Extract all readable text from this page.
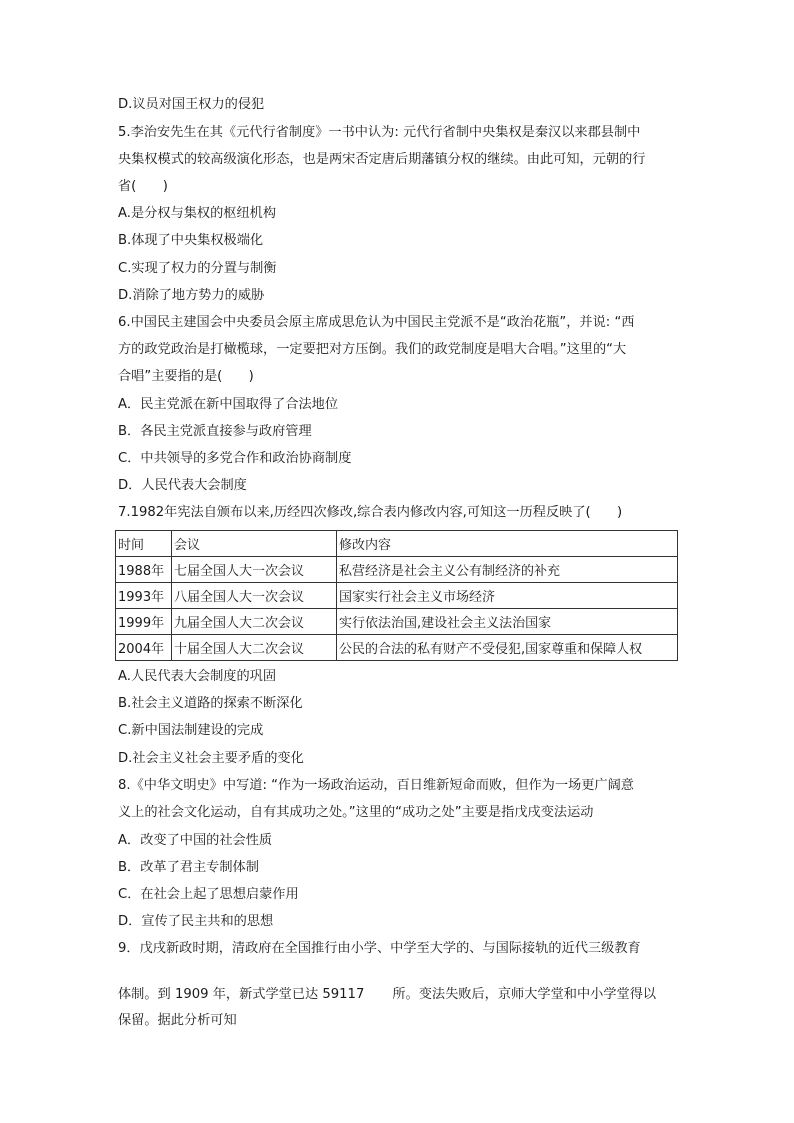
D.议员对国王权力的侵犯
5.李治安先生在其《元代行省制度》一书中认为: 元代行省制中央集权是秦汉以来郡县制中
央集权模式的较高级演化形态，也是两宋否定唐后期藩镇分权的继续。由此可知，元朝的行
省(　　)
A.是分权与集权的枢纽机构
B.体现了中央集权极端化
C.实现了权力的分置与制衡
D.消除了地方势力的威胁
6.中国民主建国会中央委员会原主席成思危认为中国民主党派不是“政治花瓶”，并说: “西
方的政党政治是打橄榄球，一定要把对方压倒。我们的政党制度是唱大合唱。”这里的“大
合唱”主要指的是(　　)
A．民主党派在新中国取得了合法地位
B．各民主党派直接参与政府管理
C．中共领导的多党合作和政治协商制度
D．人民代表大会制度
7.1982年宪法自颁布以来,历经四次修改,综合表内修改内容,可知这一历程反映了(　　)
时间	会议	修改内容
1988年	七届全国人大一次会议	私营经济是社会主义公有制经济的补充
1993年	八届全国人大一次会议	国家实行社会主义市场经济
1999年	九届全国人大二次会议	实行依法治国,建设社会主义法治国家
2004年	十届全国人大二次会议	公民的合法的私有财产不受侵犯,国家尊重和保障人权
A.人民代表大会制度的巩固
B.社会主义道路的探索不断深化
C.新中国法制建设的完成
D.社会主义社会主要矛盾的变化
8.《中华文明史》中写道: “作为一场政治运动，百日维新短命而败，但作为一场更广阔意
义上的社会文化运动，自有其成功之处。”这里的“成功之处”主要是指戊戌变法运动
A．改变了中国的社会性质
B．改革了君主专制体制
C．在社会上起了思想启蒙作用
D．宣传了民主共和的思想
9．戊戌新政时期，清政府在全国推行由小学、中学至大学的、与国际接轨的近代三级教育
体制。到 1909 年，新式学堂已达 59117 所。变法失败后，京师大学堂和中小学堂得以
保留。据此分析可知
